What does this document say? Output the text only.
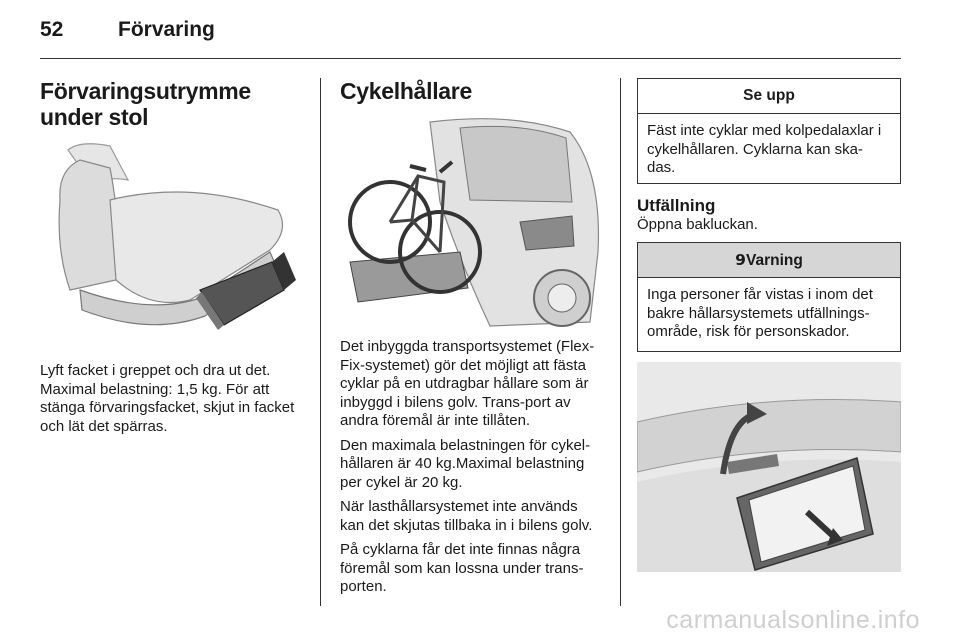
52	Förvaring
Förvaringsutrymme under stol

Lyft facket i greppet och dra ut det. Maximal belastning: 1,5 kg. För att stänga förvaringsfacket, skjut in facket och lät det spärras.

Cykelhållare

Det inbyggda transportsystemet (Flex-Fix-systemet) gör det möjligt att fästa cyklar på en utdragbar hållare som är inbyggd i bilens golv. Trans-port av andra föremål är inte tillåten.

Den maximala belastningen för cykel-hållaren är 40 kg.Maximal belastning per cykel är 20 kg.

När lasthållarsystemet inte används kan det skjutas tillbaka in i bilens golv.

På cyklarna får det inte finnas några föremål som kan lossna under trans-porten.

Se upp

Fäst inte cyklar med kolpedalaxlar i cykelhållaren. Cyklarna kan ska-das.

Utfällning

Öppna bakluckan.

9Varning

Inga personer får vistas i inom det bakre hållarsystemets utfällnings-område, risk för personskador.

carmanualsonline.info
